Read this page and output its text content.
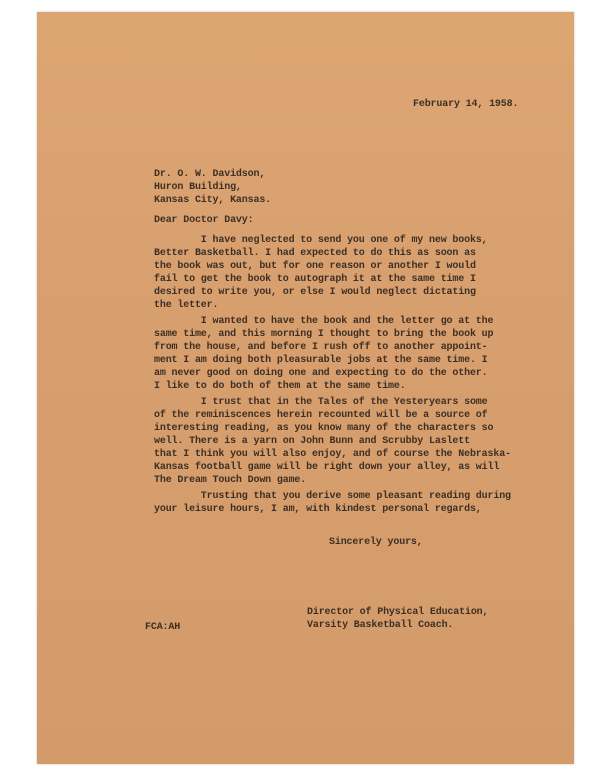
February 14, 1958.
Dr. O. W. Davidson,
Huron Building,
Kansas City, Kansas.
Dear Doctor Davy:
I have neglected to send you one of my new books,
Better Basketball. I had expected to do this as soon as
the book was out, but for one reason or another I would
fail to get the book to autograph it at the same time I
desired to write you, or else I would neglect dictating
the letter.
I wanted to have the book and the letter go at the
same time, and this morning I thought to bring the book up
from the house, and before I rush off to another appoint-
ment I am doing both pleasurable jobs at the same time. I
am never good on doing one and expecting to do the other.
I like to do both of them at the same time.
I trust that in the Tales of the Yesteryears some
of the reminiscences herein recounted will be a source of
interesting reading, as you know many of the characters so
well. There is a yarn on John Bunn and Scrubby Laslett
that I think you will also enjoy, and of course the Nebraska-
Kansas football game will be right down your alley, as will
The Dream Touch Down game.
Trusting that you derive some pleasant reading during
your leisure hours, I am, with kindest personal regards,
Sincerely yours,
Director of Physical Education,
Varsity Basketball Coach.
FCA:AH
